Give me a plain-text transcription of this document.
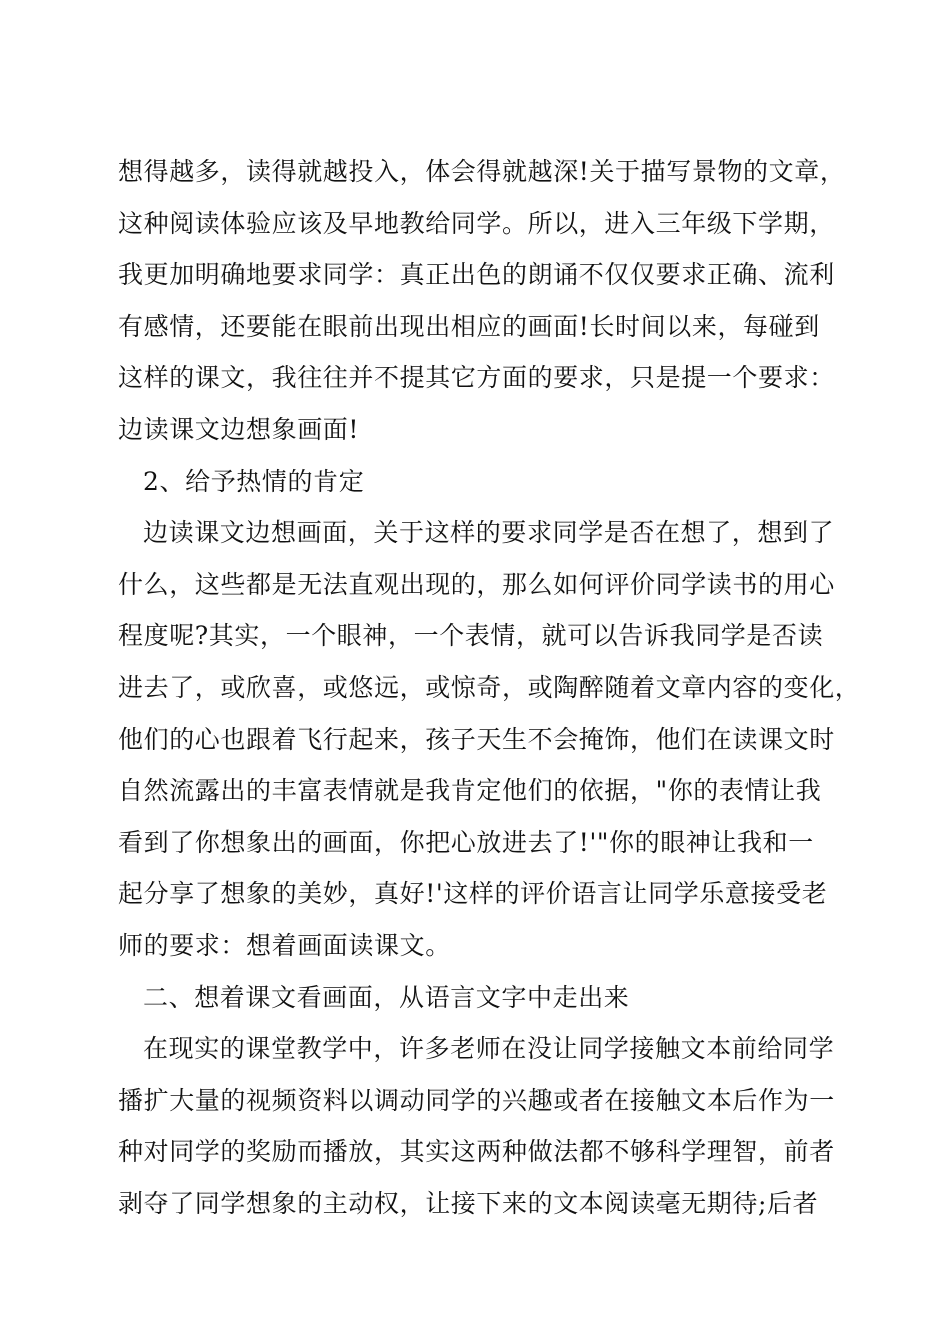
想得越多，读得就越投入，体会得就越深!关于描写景物的文章，
这种阅读体验应该及早地教给同学。所以，进入三年级下学期，
我更加明确地要求同学：真正出色的朗诵不仅仅要求正确、流利
有感情，还要能在眼前出现出相应的画面!长时间以来，每碰到
这样的课文，我往往并不提其它方面的要求，只是提一个要求：
边读课文边想象画面!
2、给予热情的肯定
边读课文边想画面，关于这样的要求同学是否在想了，想到了
什么，这些都是无法直观出现的，那么如何评价同学读书的用心
程度呢?其实，一个眼神，一个表情，就可以告诉我同学是否读
进去了，或欣喜，或悠远，或惊奇，或陶醉随着文章内容的变化，
他们的心也跟着飞行起来，孩子天生不会掩饰，他们在读课文时
自然流露出的丰富表情就是我肯定他们的依据，"你的表情让我
看到了你想象出的画面，你把心放进去了!'"你的眼神让我和一
起分享了想象的美妙，真好!'这样的评价语言让同学乐意接受老
师的要求：想着画面读课文。
二、想着课文看画面，从语言文字中走出来
在现实的课堂教学中，许多老师在没让同学接触文本前给同学
播扩大量的视频资料以调动同学的兴趣或者在接触文本后作为一
种对同学的奖励而播放，其实这两种做法都不够科学理智，前者
剥夺了同学想象的主动权，让接下来的文本阅读毫无期待;后者
